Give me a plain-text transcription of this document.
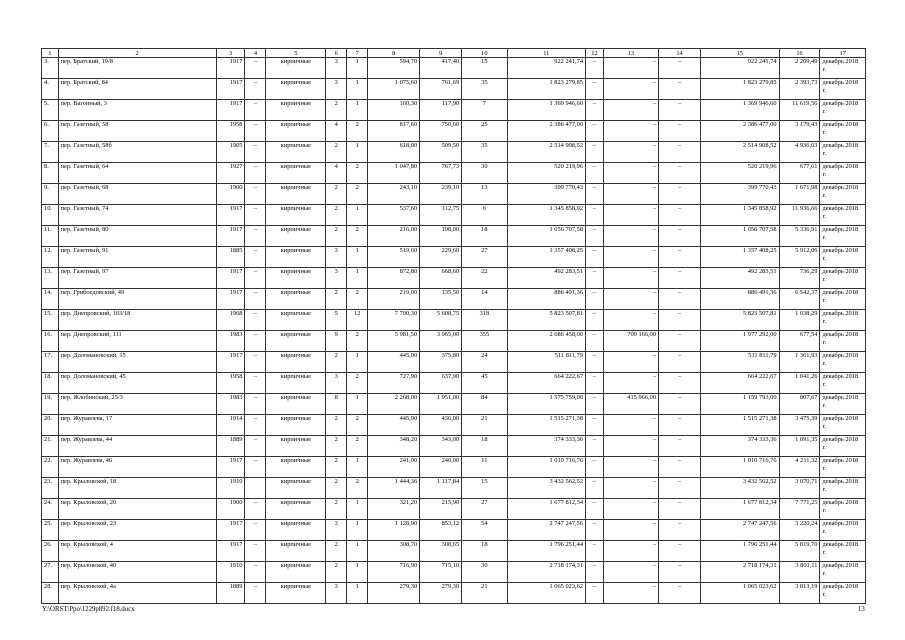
1	2	3	4	5	6	7	8	9	10	11	12	13	14	15	16	17
3.	пер. Братский, 19/8	1917	–	кирпичные	3	1	594,70	417,40	15	922 241,74	–	–	–	922 241,74	2 209,49	декабрь 2018 г.
4.	пер. Братский, 84	1917	–	кирпичные	3	1	1 075,60	761,69	35	1 823 279,85	–	–	–	1 823 279,85	2 393,73	декабрь 2018 г.
5.	пер. Вагонный, 3	1917	–	кирпичные	2	1	160,30	117,90	7	1 369 946,60	–	–	–	1 369 946,60	11 619,56	декабрь 2018 г.
6.	пер. Газетный, 58	1958	–	кирпичные	4	2	817,60	750,60	25	2 386 477,00	–	–	–	2 386 477,00	3 179,43	декабрь 2018 г.
7.	пер. Газетный, 58б	1905	–	кирпичные	2	1	618,00	509,50	35	2 514 908,52	–	–	–	2 514 908,52	4 936,03	декабрь 2018 г.
8.	пер. Газетный, 64	1927	–	кирпичные	4	2	1 047,80	767,73	30	520 219,96	–	–	–	520 219,96	677,61	декабрь 2018 г.
9.	пер. Газетный, 68	1900	–	кирпичные	2	2	243,10	239,10	13	399 770,43	–	–	–	399 770,43	1 671,98	декабрь 2018 г.
10.	пер. Газетный, 74	1917	–	кирпичные	2	1	537,60	112,75	6	1 345 858,92	–	–	–	1 345 858,92	11 936,66	декабрь 2018 г.
11.	пер. Газетный, 80	1917	–	кирпичные	2	2	216,00	198,00	18	1 056 707,58	–	–	–	1 056 707,58	5 336,91	декабрь 2018 г.
12.	пер. Газетный, 91	1885	–	кирпичные	3	1	519,60	229,60	27	1 357 408,25	–	–	–	1 357 408,25	5 912,06	декабрь 2018 г.
13.	пер. Газетный, 97	1917	–	кирпичные	3	1	872,80	668,60	22	492 283,51	–	–	–	492 283,51	736,29	декабрь 2018 г.
14.	пер. Грибоедовский, 49	1917	–	кирпичные	2	2	219,00	135,50	14	886 491,36	–	–	–	886 491,36	6 542,37	декабрь 2018 г.
15.	пер. Днепровский, 103/18	1968	–	кирпичные	5	12	7 700,30	5 608,75	318	5 823 507,81	–	–	–	5 823 507,81	1 038,29	декабрь 2018 г.
16.	пер. Днепровский, 111	1983	–	кирпичные	9	2	5 981,50	3 965,00	355	2 686 458,00	–	709 166,00	–	1 977 292,00	677,54	декабрь 2018 г.
17.	пер. Доломановский, 15	1917	–	кирпичные	2	1	445,00	375,80	24	511 811,79	–	–	–	511 811,79	1 361,93	декабрь 2018 г.
18.	пер. Доломановский, 45	1958	–	кирпичные	3	2	727,90	637,90	45	664 222,67	–	–	–	664 222,67	1 041,26	декабрь 2018 г.
19.	пер. Жлобинский, 25/3	1983	–	кирпичные	8	1	2 268,00	1 951,00	84	1 575 759,00	–	415 966,00	–	1 159 793,00	807,67	декабрь 2018 г.
20.	пер. Журавлева, 17	1914	–	кирпичные	2	2	445,90	436,00	21	1 515 271,38	–	–	–	1 515 271,38	3 475,39	декабрь 2018 г.
21.	пер. Журавлева, 44	1889	–	кирпичные	2	2	348,20	343,00	18	374 333,36	–	–	–	374 333,36	1 091,35	декабрь 2018 г.
22.	пер. Журавлева, 46	1917	–	кирпичные	2	1	241,00	240,00	11	1 010 716,76	–	–	–	1 010 716,76	4 211,32	декабрь 2018 г.
23.	пер. Крыловской, 18	1910		кирпичные	2	2	1 444,36	1 117,84	15	3 432 562,52	–	–	–	3 432 562,52	3 070,71	декабрь 2018 г.
24.	пер. Крыловской, 20	1900	–	кирпичные	2	1	321,20	215,90	27	1 677 812,34	–	–	–	1 677 812,34	7 771,25	декабрь 2018 г.
25.	пер. Крыловской, 23	1917	–	кирпичные	3	1	1 128,90	853,12	54	2 747 247,56	–	–	–	2 747 247,56	3 220,24	декабрь 2018 г.
26.	пер. Крыловской, 4	1917	–	кирпичные	2	1	308,70	308,65	18	1 796 251,44	–	–	–	1 796 251,44	5 819,70	декабрь 2018 г.
27.	пер. Крыловской, 40	1910	–	кирпичные	2	1	716,90	715,10	30	2 718 174,31	–	–	–	2 718 174,31	3 801,11	декабрь 2018 г.
28.	пер. Крыловской, 4а	1889	–	кирпичные	3	1	279,30	279,30	21	1 065 023,62	–	–	–	1 065 023,62	3 813,19	декабрь 2018 г.
Y:\ORST\Ppo\1229p892.f18.docx	13
